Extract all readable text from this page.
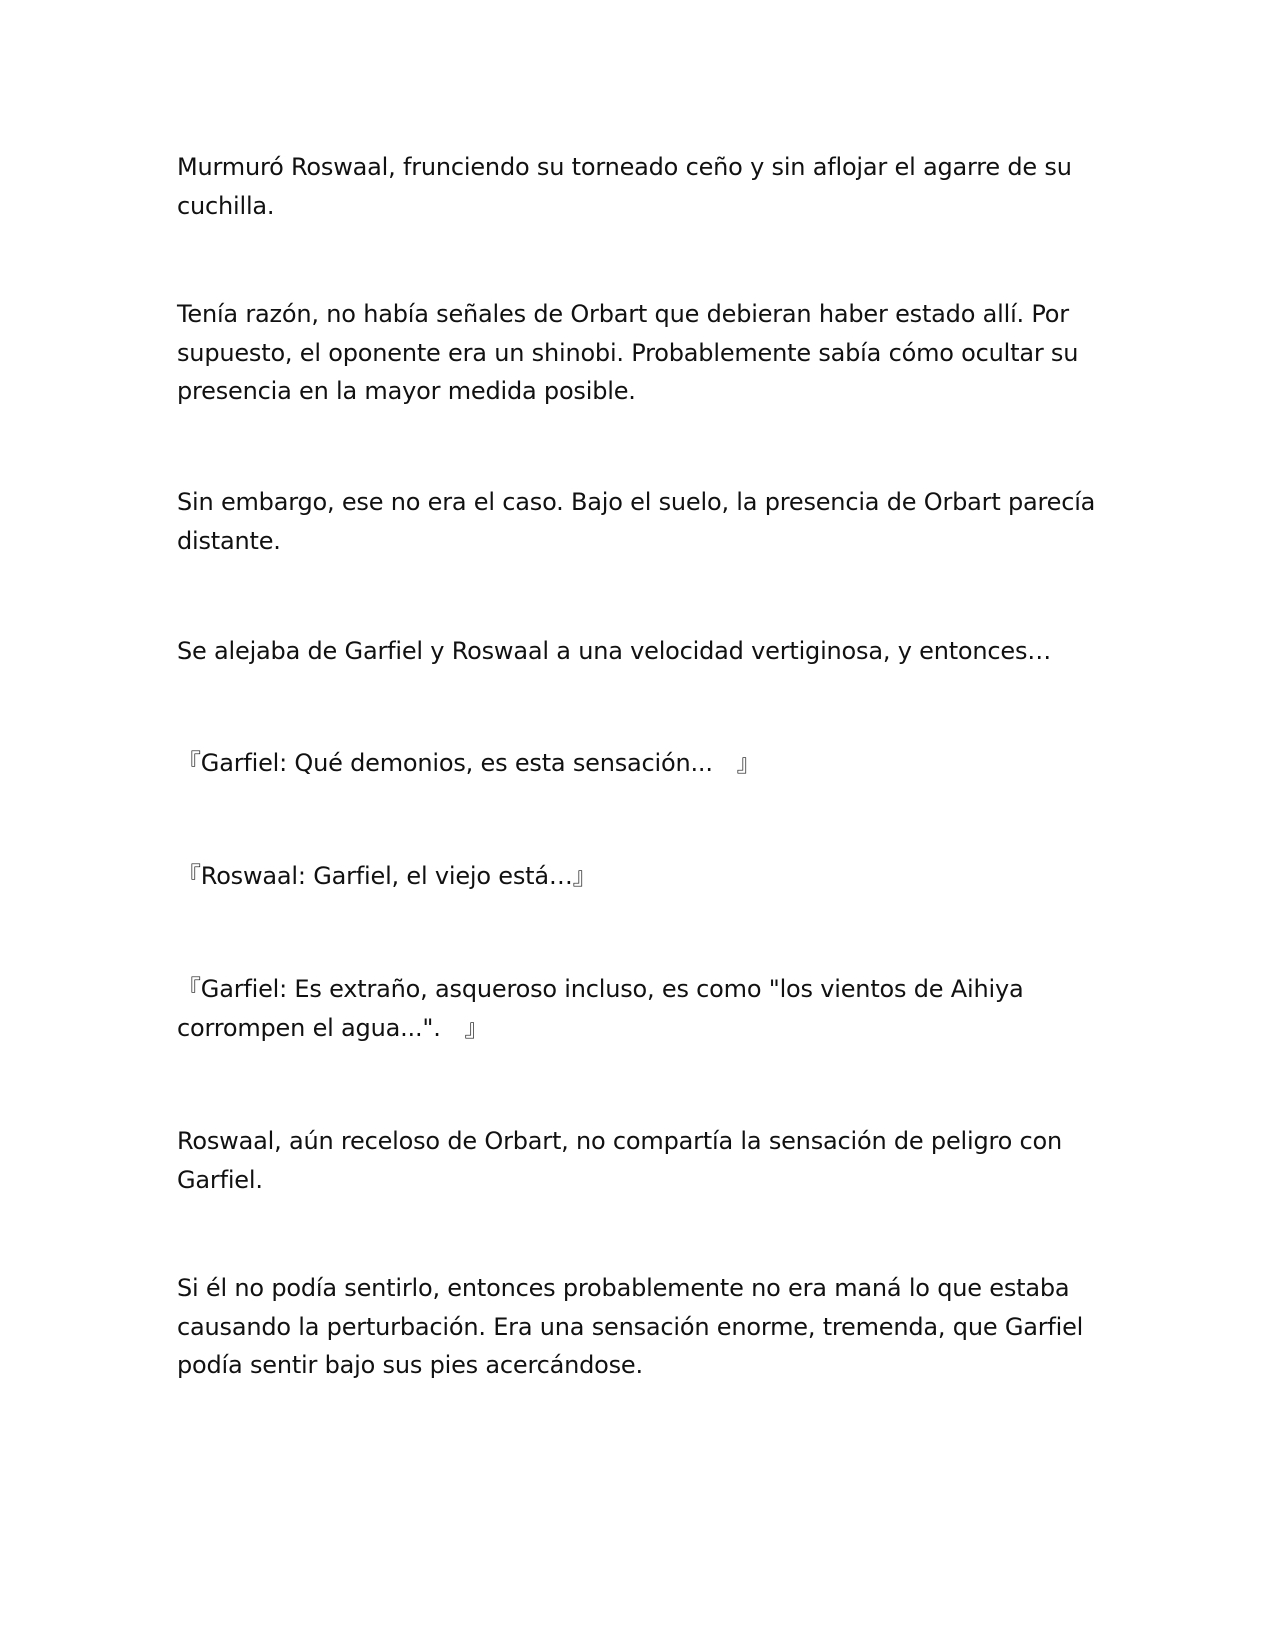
Murmuró Roswaal, frunciendo su torneado ceño y sin aflojar el agarre de su cuchilla.

Tenía razón, no había señales de Orbart que debieran haber estado allí. Por supuesto, el oponente era un shinobi. Probablemente sabía cómo ocultar su presencia en la mayor medida posible.

Sin embargo, ese no era el caso. Bajo el suelo, la presencia de Orbart parecía distante.

Se alejaba de Garfiel y Roswaal a una velocidad vertiginosa, y entonces…

『Garfiel: Qué demonios, es esta sensación...　』

『Roswaal: Garfiel, el viejo está…』

『Garfiel: Es extraño, asqueroso incluso, es como "los vientos de Aihiya corrompen el agua...".　』

Roswaal, aún receloso de Orbart, no compartía la sensación de peligro con Garfiel.

Si él no podía sentirlo, entonces probablemente no era maná lo que estaba causando la perturbación. Era una sensación enorme, tremenda, que Garfiel podía sentir bajo sus pies acercándose.
